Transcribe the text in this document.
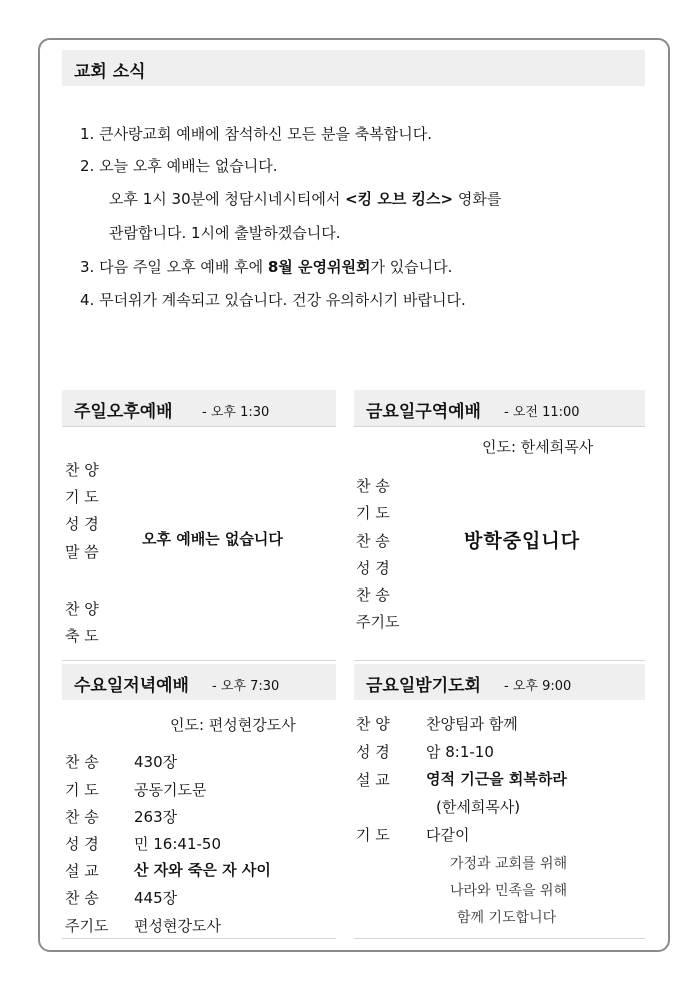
교회 소식
1. 큰사랑교회 예배에 참석하신 모든 분을 축복합니다.
2. 오늘 오후 예배는 없습니다.
오후 1시 30분에 청담시네시티에서 <킹 오브 킹스> 영화를
관람합니다. 1시에 출발하겠습니다.
3. 다음 주일 오후 예배 후에 8월 운영위원회가 있습니다.
4. 무더위가 계속되고 있습니다. 건강 유의하시기 바랍니다.
주일오후예배 - 오후 1:30
찬 양
기 도
성 경
말 씀
찬 양
축 도
오후 예배는 없습니다
금요일구역예배 - 오전 11:00
인도: 한세희목사
찬 송
기 도
찬 송
성 경
찬 송
주기도
방학중입니다
수요일저녁예배 - 오후 7:30
인도: 편성현강도사
찬 송 430장
기 도 공동기도문
찬 송 263장
성 경 민 16:41-50
설 교 산 자와 죽은 자 사이
찬 송 445장
주기도 편성현강도사
금요일밤기도회 - 오후 9:00
찬 양 찬양팀과 함께
성 경 암 8:1-10
설 교 영적 기근을 회복하라
(한세희목사)
기 도 다같이
가정과 교회를 위해
나라와 민족을 위해
함께 기도합니다
